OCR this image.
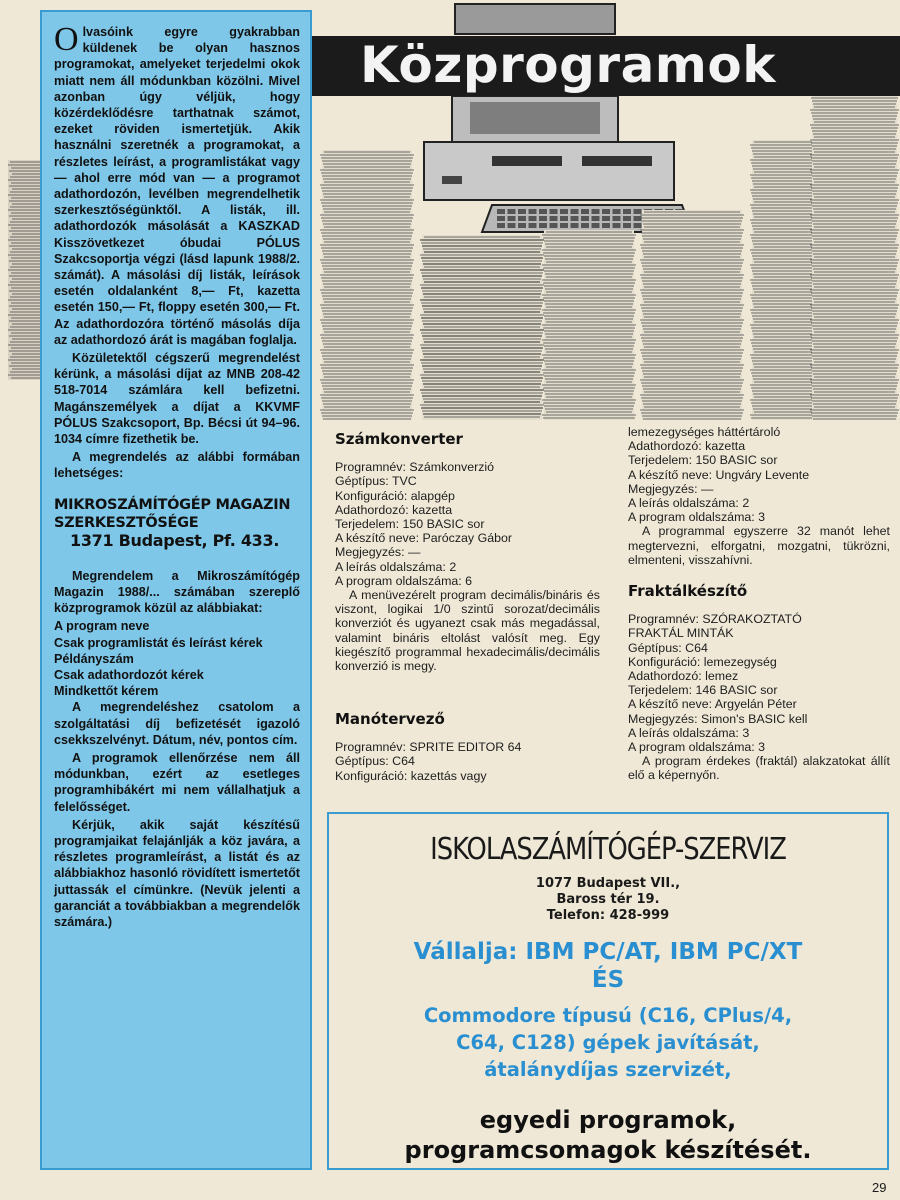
Közprogramok

Olvasóink egyre gyakrabban küldenek be olyan hasznos programokat, amelyeket terjedelmi okok miatt nem áll módunkban közölni. Mivel azonban úgy véljük, hogy közérdeklődésre tarthatnak számot, ezeket röviden ismertetjük. Akik használni szeretnék a programokat, a részletes leírást, a programlistákat vagy — ahol erre mód van — a programot adathordozón, levélben megrendelhetik szerkesztőségünktől. A listák, ill. adathordozók másolását a KASZKAD Kisszövetkezet óbudai PÓLUS Szakcsoportja végzi (lásd lapunk 1988/2. számát). A másolási díj listák, leírások esetén oldalanként 8,— Ft, kazetta esetén 150,— Ft, floppy esetén 300,— Ft. Az adathordozóra történő másolás díja az adathordozó árát is magában foglalja.

Közületektől cégszerű megrendelést kérünk, a másolási díjat az MNB 208-42 518-7014 számlára kell befizetni. Magánszemélyek a díjat a KKVMF PÓLUS Szakcsoport, Bp. Bécsi út 94–96. 1034 címre fizethetik be.

A megrendelés az alábbi formában lehetséges:

MIKROSZÁMÍTÓGÉP MAGAZIN
SZERKESZTŐSÉGE
1371 Budapest, Pf. 433.

Megrendelem a Mikroszámítógép Magazin 1988/... számában szereplő közprogramok közül az alábbiakat:

A program neve
Csak programlistát és leírást kérek
Példányszám
Csak adathordozót kérek
Mindkettőt kérem

A megrendeléshez csatolom a szolgáltatási díj befizetését igazoló csekkszelvényt. Dátum, név, pontos cím.

A programok ellenőrzése nem áll módunkban, ezért az esetleges programhibákért mi nem vállalhatjuk a felelősséget.

Kérjük, akik saját készítésű programjaikat felajánlják a köz javára, a részletes programleírást, a listát és az alábbiakhoz hasonló rövidített ismertetőt juttassák el címünkre. (Nevük jelenti a garanciát a továbbiakban a megrendelők számára.)

Számkonverter

Programnév: Számkonverzió

Géptípus: TVC

Konfiguráció: alapgép

Adathordozó: kazetta

Terjedelem: 150 BASIC sor

A készítő neve: Paróczay Gábor

Megjegyzés: —

A leírás oldalszáma: 2

A program oldalszáma: 6

A menüvezérelt program decimális/bináris és viszont, logikai 1/0 szintű sorozat/decimális konverziót és ugyanezt csak más megadással, valamint bináris eltolást valósít meg. Egy kiegészítő programmal hexadecimális/decimális konverzió is megy.

Manótervező

Programnév: SPRITE EDITOR 64

Géptípus: C64

Konfiguráció: kazettás vagy

lemezegységes háttértároló

Adathordozó: kazetta

Terjedelem: 150 BASIC sor

A készítő neve: Ungváry Levente

Megjegyzés: —

A leírás oldalszáma: 2

A program oldalszáma: 3

A programmal egyszerre 32 manót lehet megtervezni, elforgatni, mozgatni, tükrözni, elmenteni, visszahívni.

Fraktálkészítő

Programnév: SZÓRAKOZTATÓ

FRAKTÁL MINTÁK

Géptípus: C64

Konfiguráció: lemezegység

Adathordozó: lemez

Terjedelem: 146 BASIC sor

A készítő neve: Argyelán Péter

Megjegyzés: Simon's BASIC kell

A leírás oldalszáma: 3

A program oldalszáma: 3

A program érdekes (fraktál) alakzatokat állít elő a képernyőn.

ISKOLASZÁMÍTÓGÉP-SZERVIZ
1077 Budapest VII.,
Baross tér 19.
Telefon: 428-999
Vállalja: IBM PC/AT, IBM PC/XT
ÉS
Commodore típusú (C16, CPlus/4,
C64, C128) gépek javítását,
átalánydíjas szervizét,
egyedi programok,
programcsomagok készítését.
29
